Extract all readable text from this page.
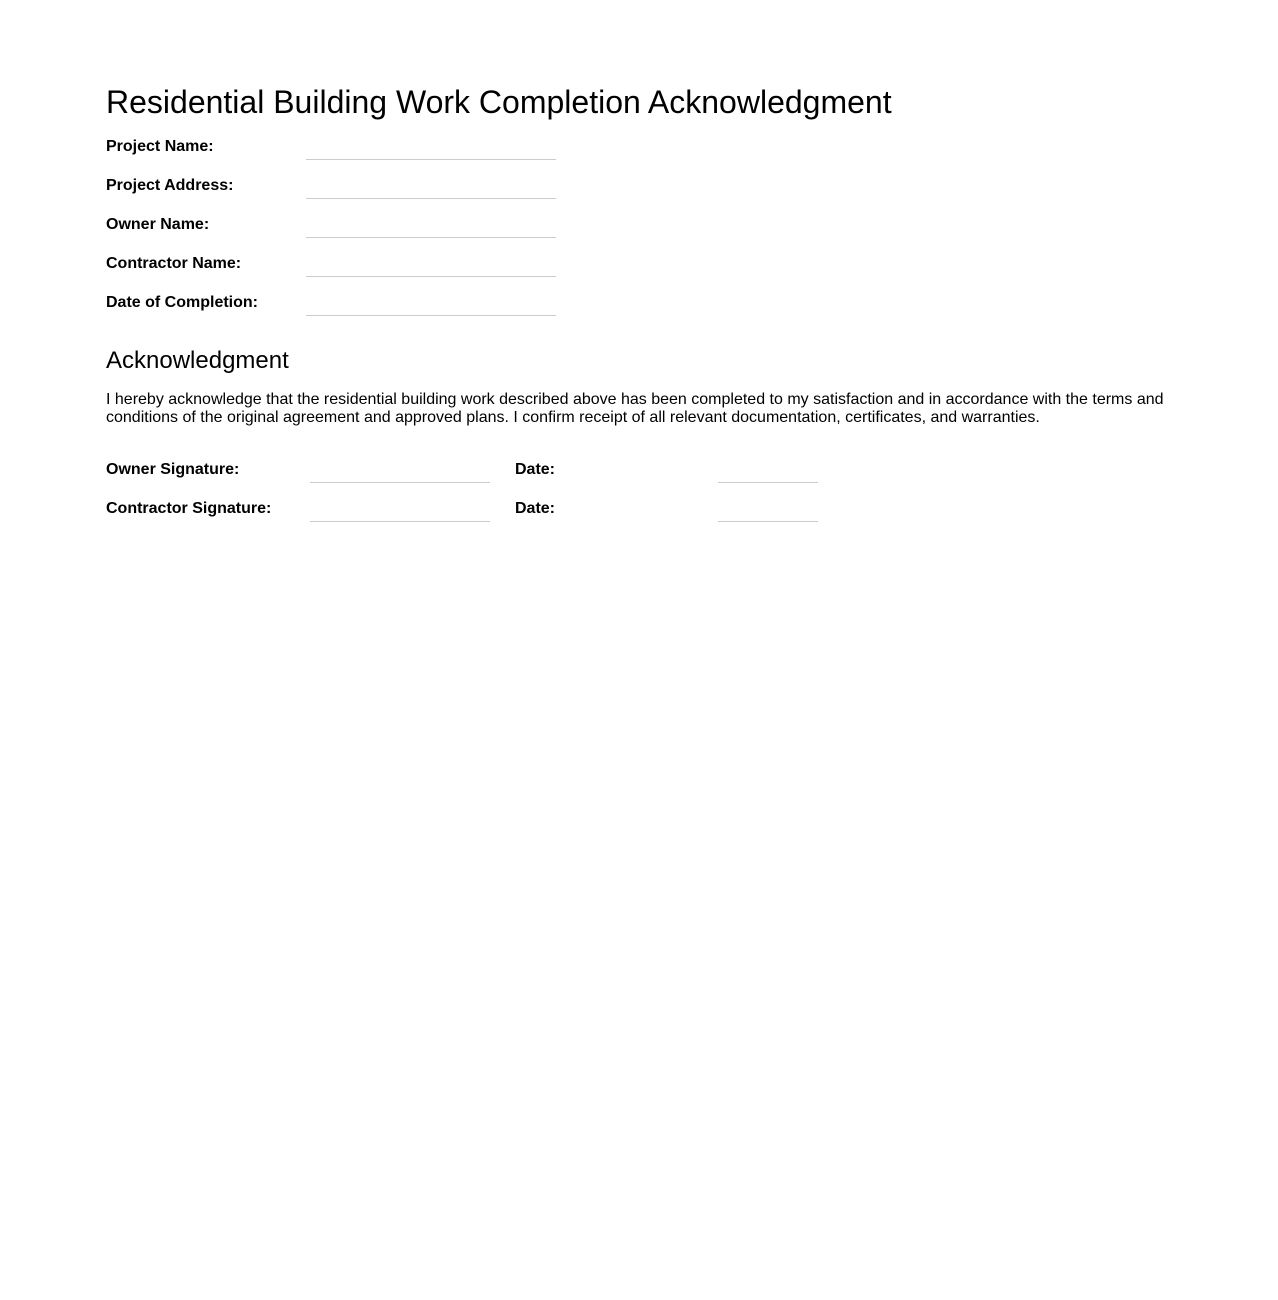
Residential Building Work Completion Acknowledgment
Project Name:
Project Address:
Owner Name:
Contractor Name:
Date of Completion:
Acknowledgment

I hereby acknowledge that the residential building work described above has been completed to my satisfaction and in accordance with the terms and conditions of the original agreement and approved plans. I confirm receipt of all relevant documentation, certificates, and warranties.

Owner Signature:	Date:
Contractor Signature:	Date:
